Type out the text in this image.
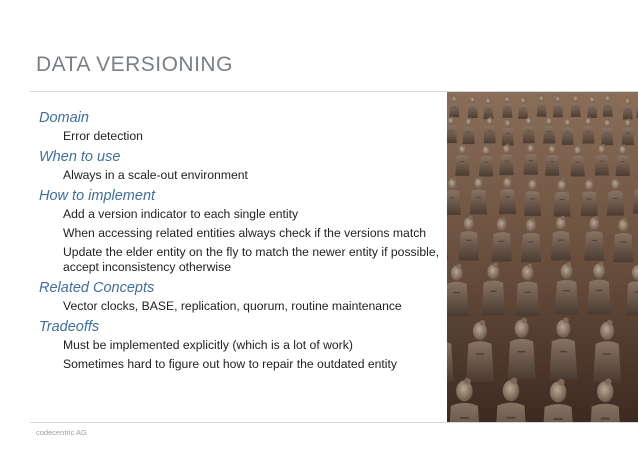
DATA VERSIONING
Domain
Error detection
When to use
Always in a scale-out environment
How to implement
Add a version indicator to each single entity
When accessing related entities always check if the versions match
Update the elder entity on the fly to match the newer entity if possible, accept inconsistency otherwise
Related Concepts
Vector clocks, BASE, replication, quorum, routine maintenance
Tradeoffs
Must be implemented explicitly (which is a lot of work)
Sometimes hard to figure out how to repair the outdated entity
codecentric AG
